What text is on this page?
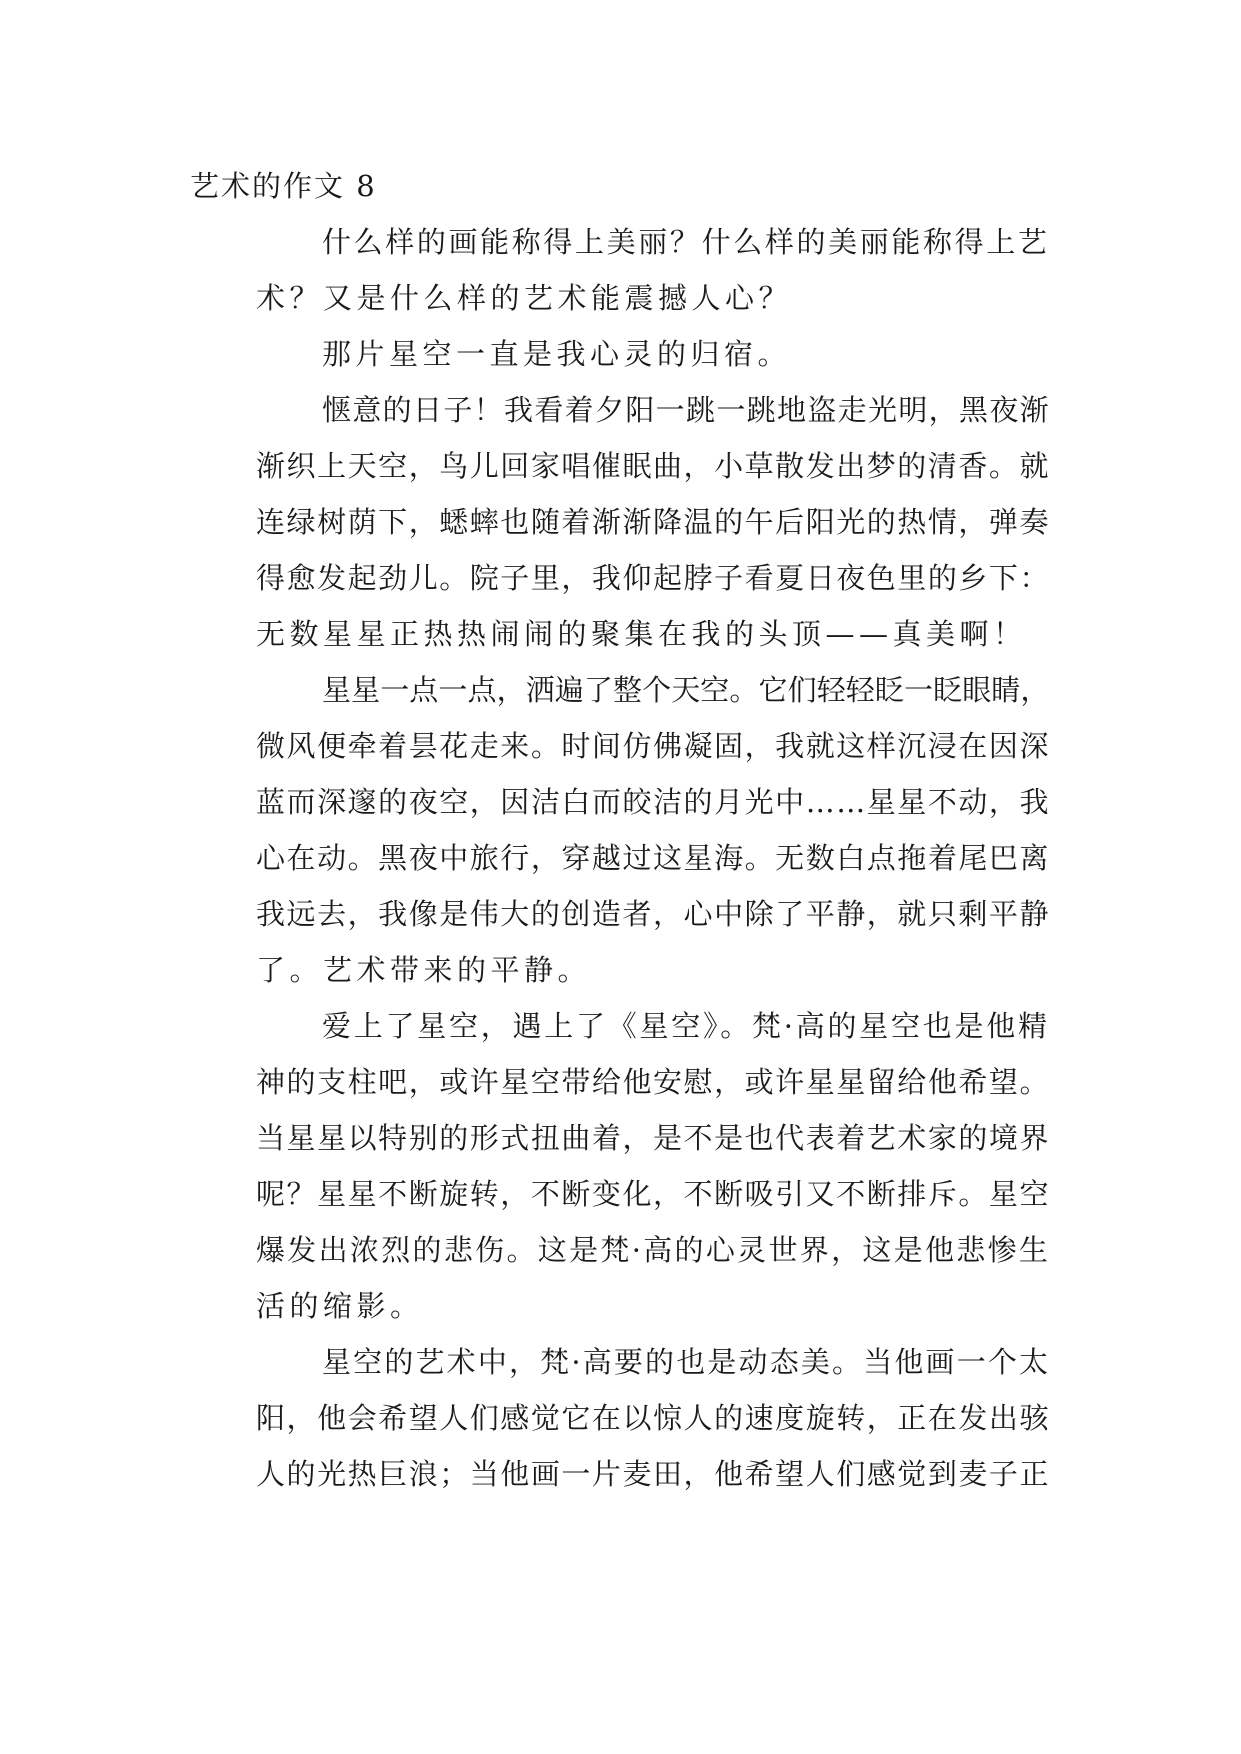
艺术的作文 8
什么样的画能称得上美丽？什么样的美丽能称得上艺
术？又是什么样的艺术能震撼人心？
那片星空一直是我心灵的归宿。
惬意的日子！我看着夕阳一跳一跳地盗走光明，黑夜渐
渐织上天空，鸟儿回家唱催眠曲，小草散发出梦的清香。就
连绿树荫下，蟋蟀也随着渐渐降温的午后阳光的热情，弹奏
得愈发起劲儿。院子里，我仰起脖子看夏日夜色里的乡下：
无数星星正热热闹闹的聚集在我的头顶——真美啊！
星星一点一点，洒遍了整个天空。它们轻轻眨一眨眼睛，
微风便牵着昙花走来。时间仿佛凝固，我就这样沉浸在因深
蓝而深邃的夜空，因洁白而皎洁的月光中……星星不动，我
心在动。黑夜中旅行，穿越过这星海。无数白点拖着尾巴离
我远去，我像是伟大的创造者，心中除了平静，就只剩平静
了。艺术带来的平静。
爱上了星空，遇上了《星空》。梵·高的星空也是他精
神的支柱吧，或许星空带给他安慰，或许星星留给他希望。
当星星以特别的形式扭曲着，是不是也代表着艺术家的境界
呢？星星不断旋转，不断变化，不断吸引又不断排斥。星空
爆发出浓烈的悲伤。这是梵·高的心灵世界，这是他悲惨生
活的缩影。
星空的艺术中，梵·高要的也是动态美。当他画一个太
阳，他会希望人们感觉它在以惊人的速度旋转，正在发出骇
人的光热巨浪；当他画一片麦田，他希望人们感觉到麦子正
